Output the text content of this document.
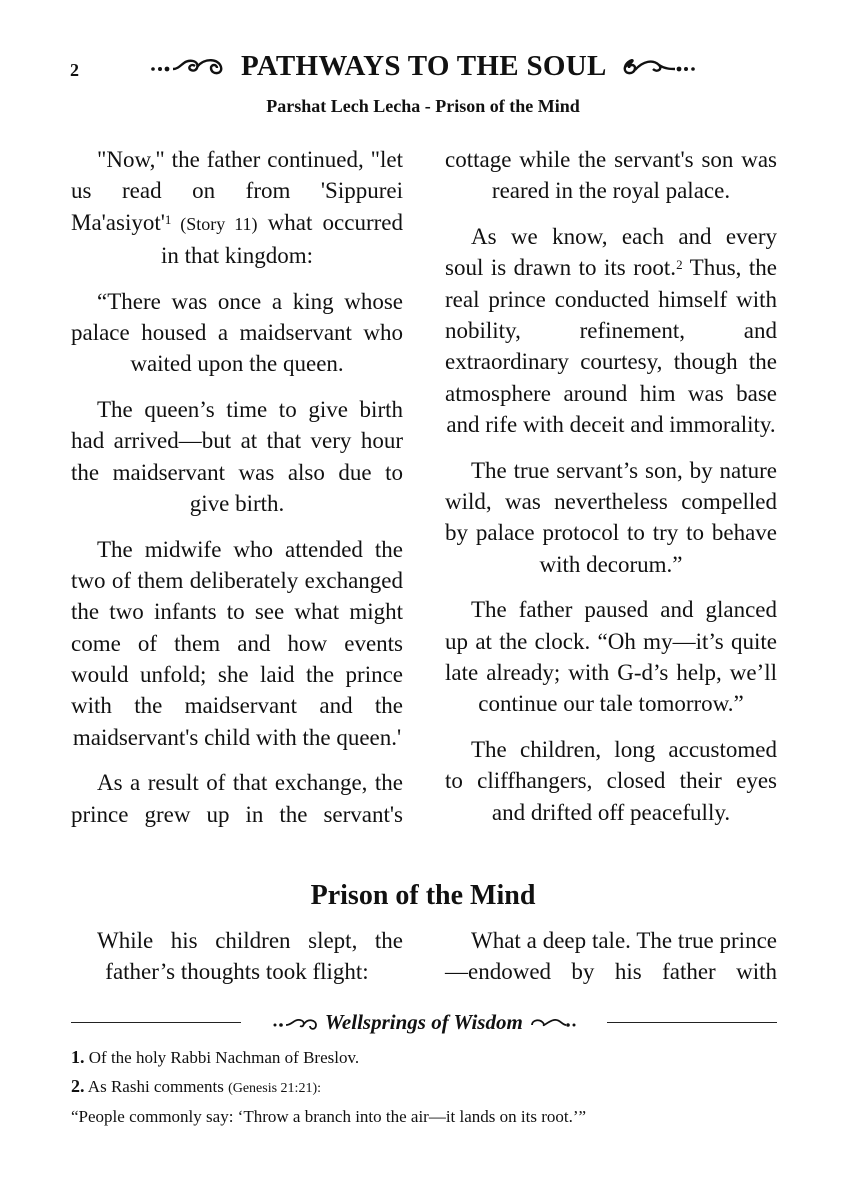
2	PATHWAYS TO THE SOUL
Parshat Lech Lecha - Prison of the Mind

"Now," the father continued, "let us read on from 'Sippurei $Ma'asiyot'^1$ (Story 11) what occurred in that kingdom:

“There was once a king whose palace housed a maidservant who waited upon the queen.

The queen’s time to give birth had arrived—but at that very hour the maidservant was also due to give birth.

The midwife who attended the two of them deliberately exchanged the two infants to see what might come of them and how events would unfold; she laid the prince with the maidservant and the maidservant's child with the queen.'

As a result of that exchange, the prince grew up in the servant's

cottage while the servant's son was reared in the royal palace.

As we know, each and every soul is drawn to its root.$^2$ Thus, the real prince conducted himself with nobility, refinement, and extraordinary courtesy, though the atmosphere around him was base and rife with deceit and immorality.

The true servant’s son, by nature wild, was nevertheless compelled by palace protocol to try to behave with decorum.”

The father paused and glanced up at the clock. “Oh my—it’s quite late already; with G-d’s help, we’ll continue our tale tomorrow.”

The children, long accustomed to cliffhangers, closed their eyes and drifted off peacefully.

Prison of the Mind

While his children slept, the father’s thoughts took flight:

What a deep tale. The true prince—endowed by his father with

Wellsprings of Wisdom
1. Of the holy Rabbi Nachman of Breslov.
2. As Rashi comments (Genesis 21:21):
“People commonly say: ‘Throw a branch into the air—it lands on its root.’”
